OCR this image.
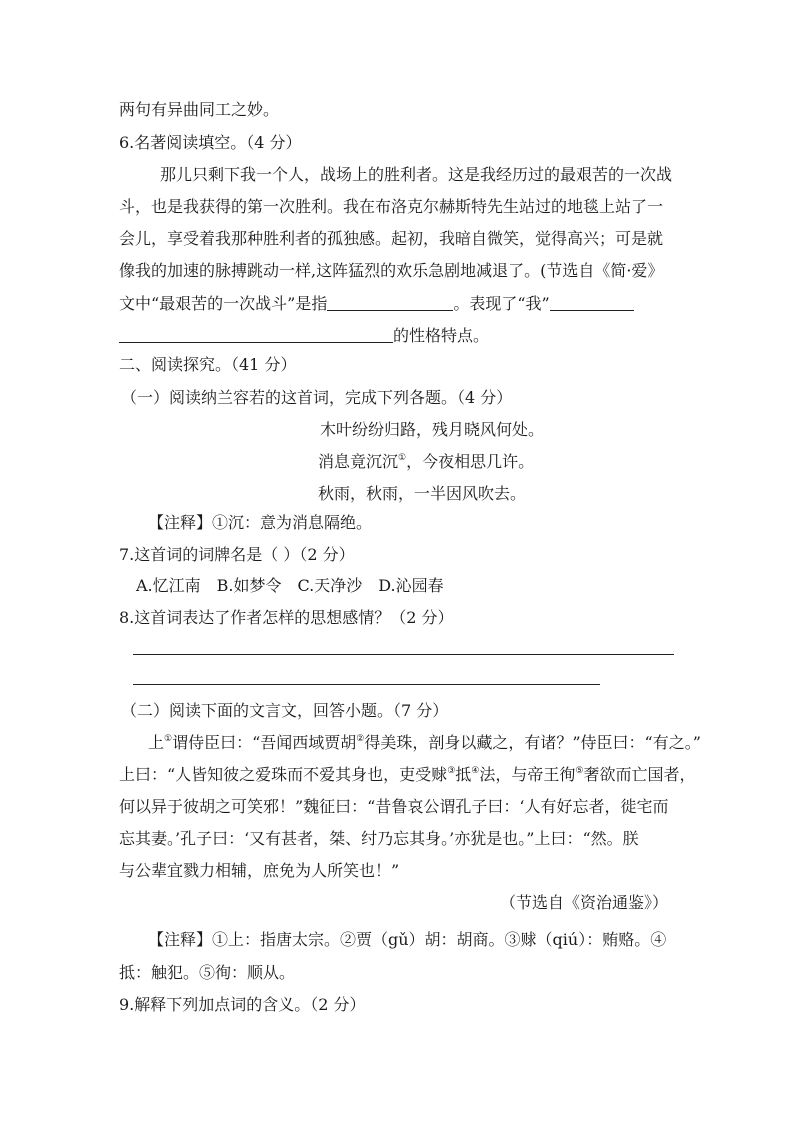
两句有异曲同工之妙。
6.名著阅读填空。（4 分）
那儿只剩下我一个人，战场上的胜利者。这是我经历过的最艰苦的一次战
斗，也是我获得的第一次胜利。我在布洛克尔赫斯特先生站过的地毯上站了一
会儿，享受着我那种胜利者的孤独感。起初，我暗自微笑，觉得高兴；可是就
像我的加速的脉搏跳动一样,这阵猛烈的欢乐急剧地减退了。(节选自《简·爱》
文中“最艰苦的一次战斗”是指	。表现了“我”
的性格特点。
二、阅读探究。（41 分）
（一）阅读纳兰容若的这首词，完成下列各题。（4 分）
木叶纷纷归路，残月晓风何处。
消息竟沉沉①，今夜相思几许。
秋雨，秋雨，一半因风吹去。
【注释】①沉：意为消息隔绝。
7.这首词的词牌名是（ ）（2 分）
A.忆江南　B.如梦令　C.天净沙　D.沁园春
8.这首词表达了作者怎样的思想感情？（2 分）
（二）阅读下面的文言文，回答小题。（7 分）
上①谓侍臣曰：“吾闻西域贾胡②得美珠，剖身以藏之，有诸？”侍臣曰：“有之。”
上曰：“人皆知彼之爱珠而不爱其身也，吏受赇③抵④法，与帝王徇⑤奢欲而亡国者，
何以异于彼胡之可笑邪！”魏征曰：“昔鲁哀公谓孔子曰：‘人有好忘者，徙宅而
忘其妻。’孔子曰：‘又有甚者，桀、纣乃忘其身。’亦犹是也。”上曰：“然。朕
与公辈宜戮力相辅，庶免为人所笑也！”
（节选自《资治通鉴》）
【注释】①上：指唐太宗。②贾（gǔ）胡：胡商。③赇（qiú）：贿赂。④
抵：触犯。⑤徇：顺从。
9.解释下列加点词的含义。（2 分）
